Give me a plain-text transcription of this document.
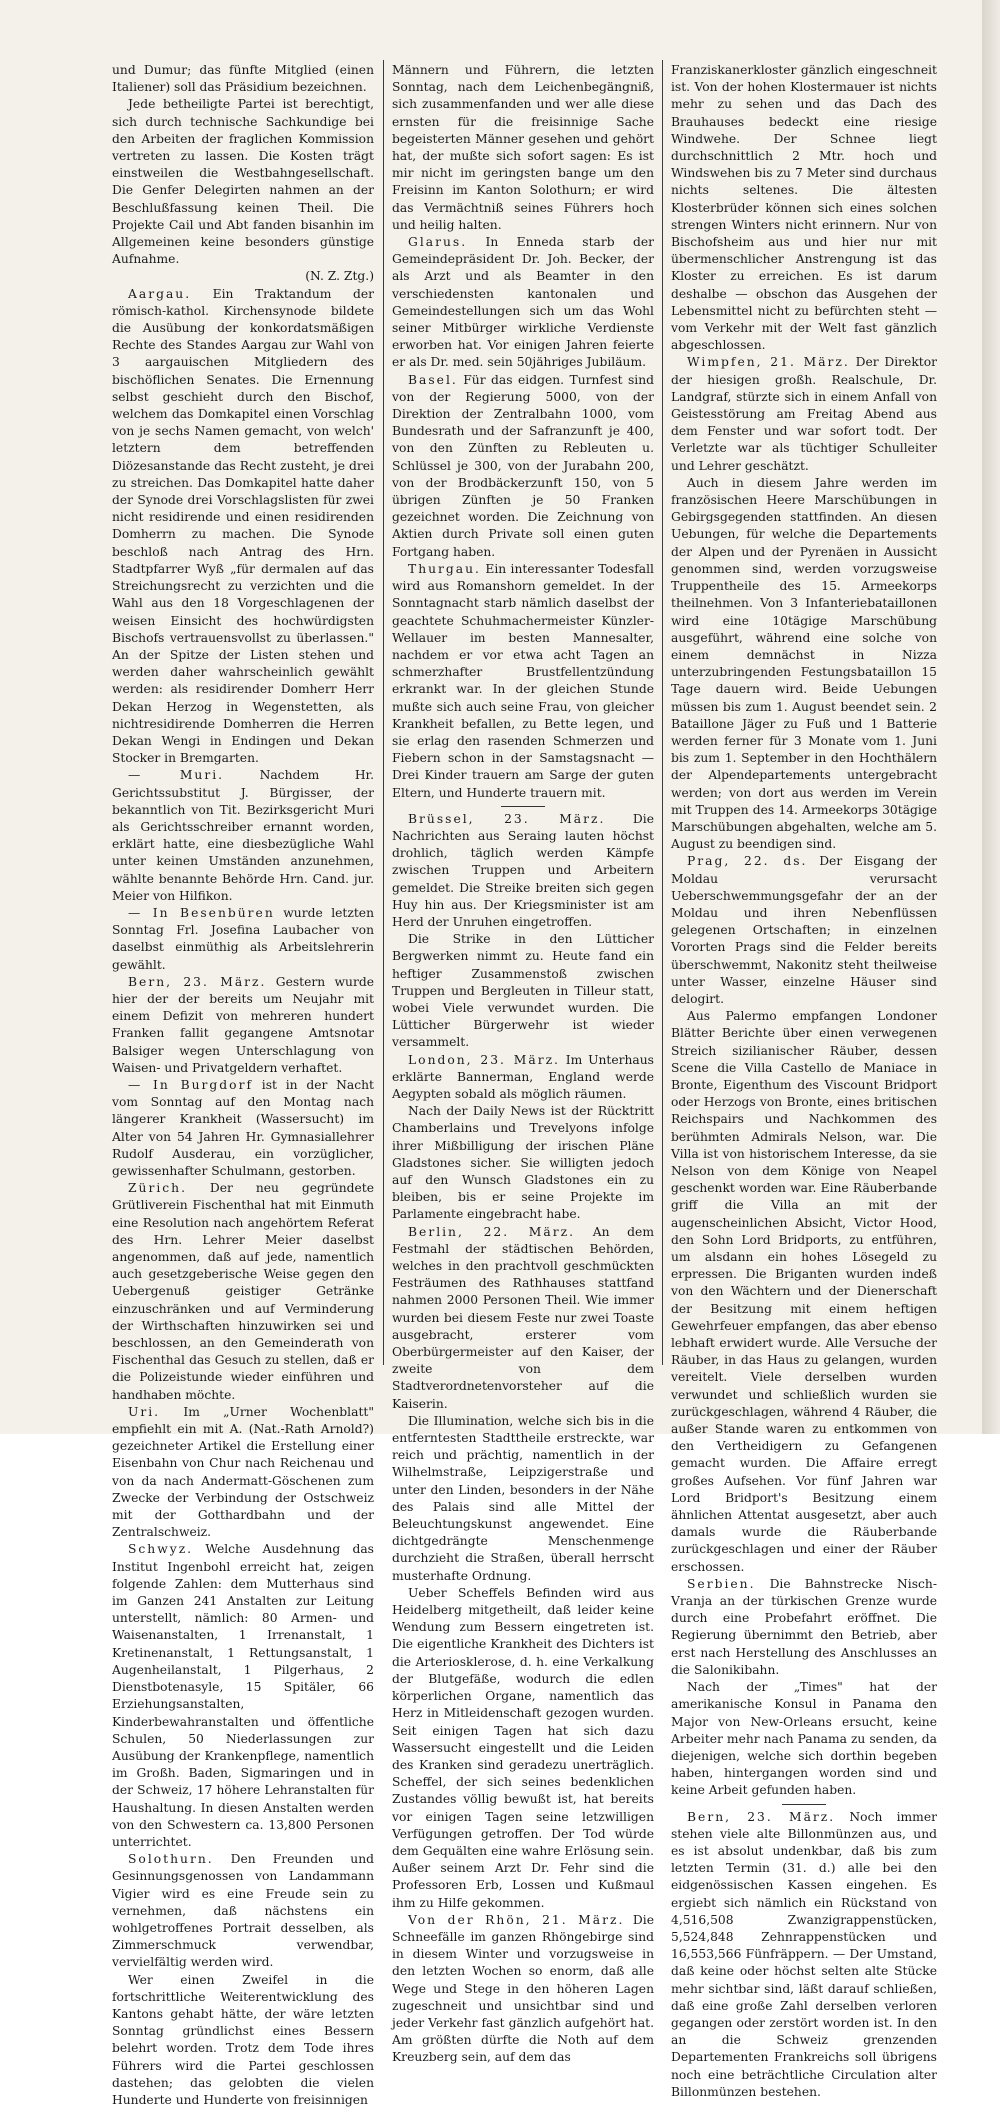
und Dumur; das fünfte Mitglied (einen Italiener) soll das Präsidium bezeichnen.

Jede betheiligte Partei ist berechtigt, sich durch technische Sachkundige bei den Arbeiten der fraglichen Kommission vertreten zu lassen. Die Kosten trägt einstweilen die Westbahngesellschaft. Die Genfer Delegirten nahmen an der Beschlußfassung keinen Theil. Die Projekte Cail und Abt fanden bisanhin im Allgemeinen keine besonders günstige Aufnahme.

(N. Z. Ztg.)

Aargau. Ein Traktandum der römisch-kathol. Kirchensynode bildete die Ausübung der konkordatsmäßigen Rechte des Standes Aargau zur Wahl von 3 aargauischen Mitgliedern des bischöflichen Senates. Die Ernennung selbst geschieht durch den Bischof, welchem das Domkapitel einen Vorschlag von je sechs Namen gemacht, von welch' letztern dem betreffenden Diözesanstande das Recht zusteht, je drei zu streichen. Das Domkapitel hatte daher der Synode drei Vorschlagslisten für zwei nicht residirende und einen residirenden Domherrn zu machen. Die Synode beschloß nach Antrag des Hrn. Stadtpfarrer Wyß „für dermalen auf das Streichungsrecht zu verzichten und die Wahl aus den 18 Vorgeschlagenen der weisen Einsicht des hochwürdigsten Bischofs vertrauensvollst zu überlassen." An der Spitze der Listen stehen und werden daher wahrscheinlich gewählt werden: als residirender Domherr Herr Dekan Herzog in Wegenstetten, als nichtresidirende Domherren die Herren Dekan Wengi in Endingen und Dekan Stocker in Bremgarten.

— Muri.	Nachdem Hr. Gerichtssubstitut J. Bürgisser, der bekanntlich von Tit. Bezirksgericht Muri als Gerichtsschreiber ernannt worden, erklärt hatte, eine diesbezügliche Wahl unter keinen Umständen anzunehmen, wählte benannte Behörde Hrn. Cand. jur. Meier von Hilfikon.

— In Besenbüren wurde letzten Sonntag Frl. Josefina Laubacher von daselbst einmüthig als Arbeitslehrerin gewählt.

Bern, 23. März. Gestern wurde hier der der bereits um Neujahr mit einem Defizit von mehreren hundert Franken fallit gegangene Amtsnotar Balsiger wegen Unterschlagung von Waisen- und Privatgeldern verhaftet.

— In Burgdorf ist in der Nacht vom Sonntag auf den Montag nach längerer Krankheit (Wassersucht) im Alter von 54 Jahren Hr. Gymnasiallehrer Rudolf Ausderau, ein vorzüglicher, gewissenhafter Schulmann, gestorben.

Zürich. Der neu gegründete Grütliverein Fischenthal hat mit Einmuth eine Resolution nach angehörtem Referat des Hrn. Lehrer Meier daselbst angenommen, daß auf jede, namentlich auch gesetzgeberische Weise gegen den Uebergenuß geistiger Getränke einzuschränken und auf Verminderung der Wirthschaften hinzuwirken sei und beschlossen, an den Gemeinderath von Fischenthal das Gesuch zu stellen, daß er die Polizeistunde wieder einführen und handhaben möchte.

Uri. Im „Urner Wochenblatt" empfiehlt ein mit A. (Nat.-Rath Arnold?) gezeichneter Artikel die Erstellung einer Eisenbahn von Chur nach Reichenau und von da nach Andermatt-Göschenen zum Zwecke der Verbindung der Ostschweiz mit der Gotthardbahn und der Zentralschweiz.

Schwyz. Welche Ausdehnung das Institut Ingenbohl erreicht hat, zeigen folgende Zahlen: dem Mutterhaus sind im Ganzen 241 Anstalten zur Leitung unterstellt, nämlich: 80 Armen- und Waisenanstalten, 1 Irrenanstalt, 1 Kretinenanstalt, 1 Rettungsanstalt, 1 Augenheilanstalt, 1 Pilgerhaus, 2 Dienstbotenasyle, 15 Spitäler, 66 Erziehungsanstalten, Kinderbewahranstalten und öffentliche Schulen, 50 Niederlassungen zur Ausübung der Krankenpflege, namentlich im Großh. Baden, Sigmaringen und in der Schweiz, 17 höhere Lehranstalten für Haushaltung. In diesen Anstalten werden von den Schwestern ca. 13,800 Personen unterrichtet.

Solothurn. Den Freunden und Gesinnungsgenossen von Landammann Vigier wird es eine Freude sein zu vernehmen, daß nächstens ein wohlgetroffenes Portrait desselben, als Zimmerschmuck verwendbar, vervielfältig werden wird.

Wer einen Zweifel in die fortschrittliche Weiterentwicklung des Kantons gehabt hätte, der wäre letzten Sonntag gründlichst eines Bessern belehrt worden. Trotz dem Tode ihres Führers wird die Partei geschlossen dastehen; das gelobten die vielen Hunderte und Hunderte von freisinnigen

Männern und Führern, die letzten Sonntag, nach dem Leichenbegängniß, sich zusammenfanden und wer alle diese ernsten für die freisinnige Sache begeisterten Männer gesehen und gehört hat, der mußte sich sofort sagen: Es ist mir nicht im geringsten bange um den Freisinn im Kanton Solothurn; er wird das Vermächtniß seines Führers hoch und heilig halten.

Glarus. In Enneda starb der Gemeindepräsident Dr. Joh. Becker, der als Arzt und als Beamter in den verschiedensten kantonalen und Gemeindestellungen sich um das Wohl seiner Mitbürger wirkliche Verdienste erworben hat. Vor einigen Jahren feierte er als Dr. med. sein 50jähriges Jubiläum.

Basel. Für das eidgen. Turnfest sind von der Regierung 5000, von der Direktion der Zentralbahn 1000, vom Bundesrath und der Safranzunft je 400, von den Zünften zu Rebleuten u. Schlüssel je 300, von der Jurabahn 200, von der Brodbäckerzunft 150, von 5 übrigen Zünften je 50 Franken gezeichnet worden. Die Zeichnung von Aktien durch Private soll einen guten Fortgang haben.

Thurgau. Ein interessanter Todesfall wird aus Romanshorn gemeldet. In der Sonntagnacht starb nämlich daselbst der geachtete Schuhmachermeister Künzler-Wellauer im besten Mannesalter, nachdem er vor etwa acht Tagen an schmerzhafter Brustfellentzündung erkrankt war. In der gleichen Stunde mußte sich auch seine Frau, von gleicher Krankheit befallen, zu Bette legen, und sie erlag den rasenden Schmerzen und Fiebern schon in der Samstagsnacht — Drei Kinder trauern am Sarge der guten Eltern, und Hunderte trauern mit.

Brüssel, 23. März. Die Nachrichten aus Seraing lauten höchst drohlich, täglich werden Kämpfe zwischen Truppen und Arbeitern gemeldet. Die Streike breiten sich gegen Huy hin aus. Der Kriegsminister ist am Herd der Unruhen eingetroffen.

Die Strike in den Lütticher Bergwerken nimmt zu. Heute fand ein heftiger Zusammenstoß zwischen Truppen und Bergleuten in Tilleur statt, wobei Viele verwundet wurden. Die Lütticher Bürgerwehr ist wieder versammelt.

London, 23. März. Im Unterhaus erklärte Bannerman, England werde Aegypten sobald als möglich räumen.

Nach der Daily News ist der Rücktritt Chamberlains und Trevelyons infolge ihrer Mißbilligung der irischen Pläne Gladstones sicher. Sie willigten jedoch auf den Wunsch Gladstones ein zu bleiben, bis er seine Projekte im Parlamente eingebracht habe.

Berlin, 22. März. An dem Festmahl der städtischen Behörden, welches in den prachtvoll geschmückten Festräumen des Rathhauses stattfand nahmen 2000 Personen Theil. Wie immer wurden bei diesem Feste nur zwei Toaste ausgebracht, ersterer vom Oberbürgermeister auf den Kaiser, der zweite von dem Stadtverordnetenvorsteher auf die Kaiserin.

Die Illumination, welche sich bis in die entferntesten Stadttheile erstreckte, war reich und prächtig, namentlich in der Wilhelmstraße, Leipzigerstraße und unter den Linden, besonders in der Nähe des Palais sind alle Mittel der Beleuchtungskunst angewendet. Eine dichtgedrängte Menschenmenge durchzieht die Straßen, überall herrscht musterhafte Ordnung.

Ueber Scheffels Befinden wird aus Heidelberg mitgetheilt, daß leider keine Wendung zum Bessern eingetreten ist. Die eigentliche Krankheit des Dichters ist die Arteriosklerose, d. h. eine Verkalkung der Blutgefäße, wodurch die edlen körperlichen Organe, namentlich das Herz in Mitleidenschaft gezogen wurden. Seit einigen Tagen hat sich dazu Wassersucht eingestellt und die Leiden des Kranken sind geradezu unerträglich. Scheffel, der sich seines bedenklichen Zustandes völlig bewußt ist, hat bereits vor einigen Tagen seine letzwilligen Verfügungen getroffen. Der Tod würde dem Gequälten eine wahre Erlösung sein. Außer seinem Arzt Dr. Fehr sind die Professoren Erb, Lossen und Kußmaul ihm zu Hilfe gekommen.

Von der Rhön, 21. März. Die Schneefälle im ganzen Rhöngebirge sind in diesem Winter und vorzugsweise in den letzten Wochen so enorm, daß alle Wege und Stege in den höheren Lagen zugeschneit und unsichtbar sind und jeder Verkehr fast gänzlich aufgehört hat. Am größten dürfte die Noth auf dem Kreuzberg sein, auf dem das

Franziskanerkloster gänzlich eingeschneit ist. Von der hohen Klostermauer ist nichts mehr zu sehen und das Dach des Brauhauses bedeckt eine riesige Windwehe. Der Schnee liegt durchschnittlich 2 Mtr. hoch und Windswehen bis zu 7 Meter sind durchaus nichts seltenes. Die ältesten Klosterbrüder können sich eines solchen strengen Winters nicht erinnern. Nur von Bischofsheim aus und hier nur mit übermenschlicher Anstrengung ist das Kloster zu erreichen. Es ist darum deshalbe — obschon das Ausgehen der Lebensmittel nicht zu befürchten steht — vom Verkehr mit der Welt fast gänzlich abgeschlossen.

Wimpfen, 21. März. Der Direktor der hiesigen großh. Realschule, Dr. Landgraf, stürzte sich in einem Anfall von Geistesstörung am Freitag Abend aus dem Fenster und war sofort todt. Der Verletzte war als tüchtiger Schulleiter und Lehrer geschätzt.

Auch in diesem Jahre werden im französischen Heere Marschübungen in Gebirgsgegenden stattfinden. An diesen Uebungen, für welche die Departements der Alpen und der Pyrenäen in Aussicht genommen sind, werden vorzugsweise Truppentheile des 15. Armeekorps theilnehmen. Von 3 Infanteriebataillonen wird eine 10tägige Marschübung ausgeführt, während eine solche von einem demnächst in Nizza unterzubringenden Festungsbataillon 15 Tage dauern wird. Beide Uebungen müssen bis zum 1. August beendet sein. 2 Bataillone Jäger zu Fuß und 1 Batterie werden ferner für 3 Monate vom 1. Juni bis zum 1. September in den Hochthälern der Alpendepartements untergebracht werden; von dort aus werden im Verein mit Truppen des 14. Armeekorps 30tägige Marschübungen abgehalten, welche am 5. August zu beendigen sind.

Prag, 22. ds. Der Eisgang der Moldau verursacht Ueberschwemmungsgefahr der an der Moldau und ihren Nebenflüssen gelegenen Ortschaften; in einzelnen Vororten Prags sind die Felder bereits überschwemmt, Nakonitz steht theilweise unter Wasser, einzelne Häuser sind delogirt.

Aus Palermo empfangen Londoner Blätter Berichte über einen verwegenen Streich sizilianischer Räuber, dessen Scene die Villa Castello de Maniace in Bronte, Eigenthum des Viscount Bridport oder Herzogs von Bronte, eines britischen Reichspairs und Nachkommen des berühmten Admirals Nelson, war. Die Villa ist von historischem Interesse, da sie Nelson von dem Könige von Neapel geschenkt worden war. Eine Räuberbande griff die Villa an mit der augenscheinlichen Absicht, Victor Hood, den Sohn Lord Bridports, zu entführen, um alsdann ein hohes Lösegeld zu erpressen. Die Briganten wurden indeß von den Wächtern und der Dienerschaft der Besitzung mit einem heftigen Gewehrfeuer empfangen, das aber ebenso lebhaft erwidert wurde. Alle Versuche der Räuber, in das Haus zu gelangen, wurden vereitelt. Viele derselben wurden verwundet und schließlich wurden sie zurückgeschlagen, während 4 Räuber, die außer Stande waren zu entkommen von den Vertheidigern zu Gefangenen gemacht wurden. Die Affaire erregt großes Aufsehen. Vor fünf Jahren war Lord Bridport's Besitzung einem ähnlichen Attentat ausgesetzt, aber auch damals wurde die Räuberbande zurückgeschlagen und einer der Räuber erschossen.

Serbien. Die Bahnstrecke Nisch-Vranja an der türkischen Grenze wurde durch eine Probefahrt eröffnet. Die Regierung übernimmt den Betrieb, aber erst nach Herstellung des Anschlusses an die Salonikibahn.

Nach der „Times" hat der amerikanische Konsul in Panama den Major von New-Orleans ersucht, keine Arbeiter mehr nach Panama zu senden, da diejenigen, welche sich dorthin begeben haben, hintergangen worden sind und keine Arbeit gefunden haben.

Bern, 23. März. Noch immer stehen viele alte Billonmünzen aus, und es ist absolut undenkbar, daß bis zum letzten Termin (31. d.) alle bei den eidgenössischen Kassen eingehen. Es ergiebt sich nämlich ein Rückstand von 4,516,508 Zwanzigrappenstücken, 5,524,848 Zehnrappenstücken und 16,553,566 Fünfräppern. — Der Umstand, daß keine oder höchst selten alte Stücke mehr sichtbar sind, läßt darauf schließen, daß eine große Zahl derselben verloren gegangen oder zerstört worden ist. In den an die Schweiz grenzenden Departementen Frankreichs soll übrigens noch eine beträchtliche Circulation alter Billonmünzen bestehen.
